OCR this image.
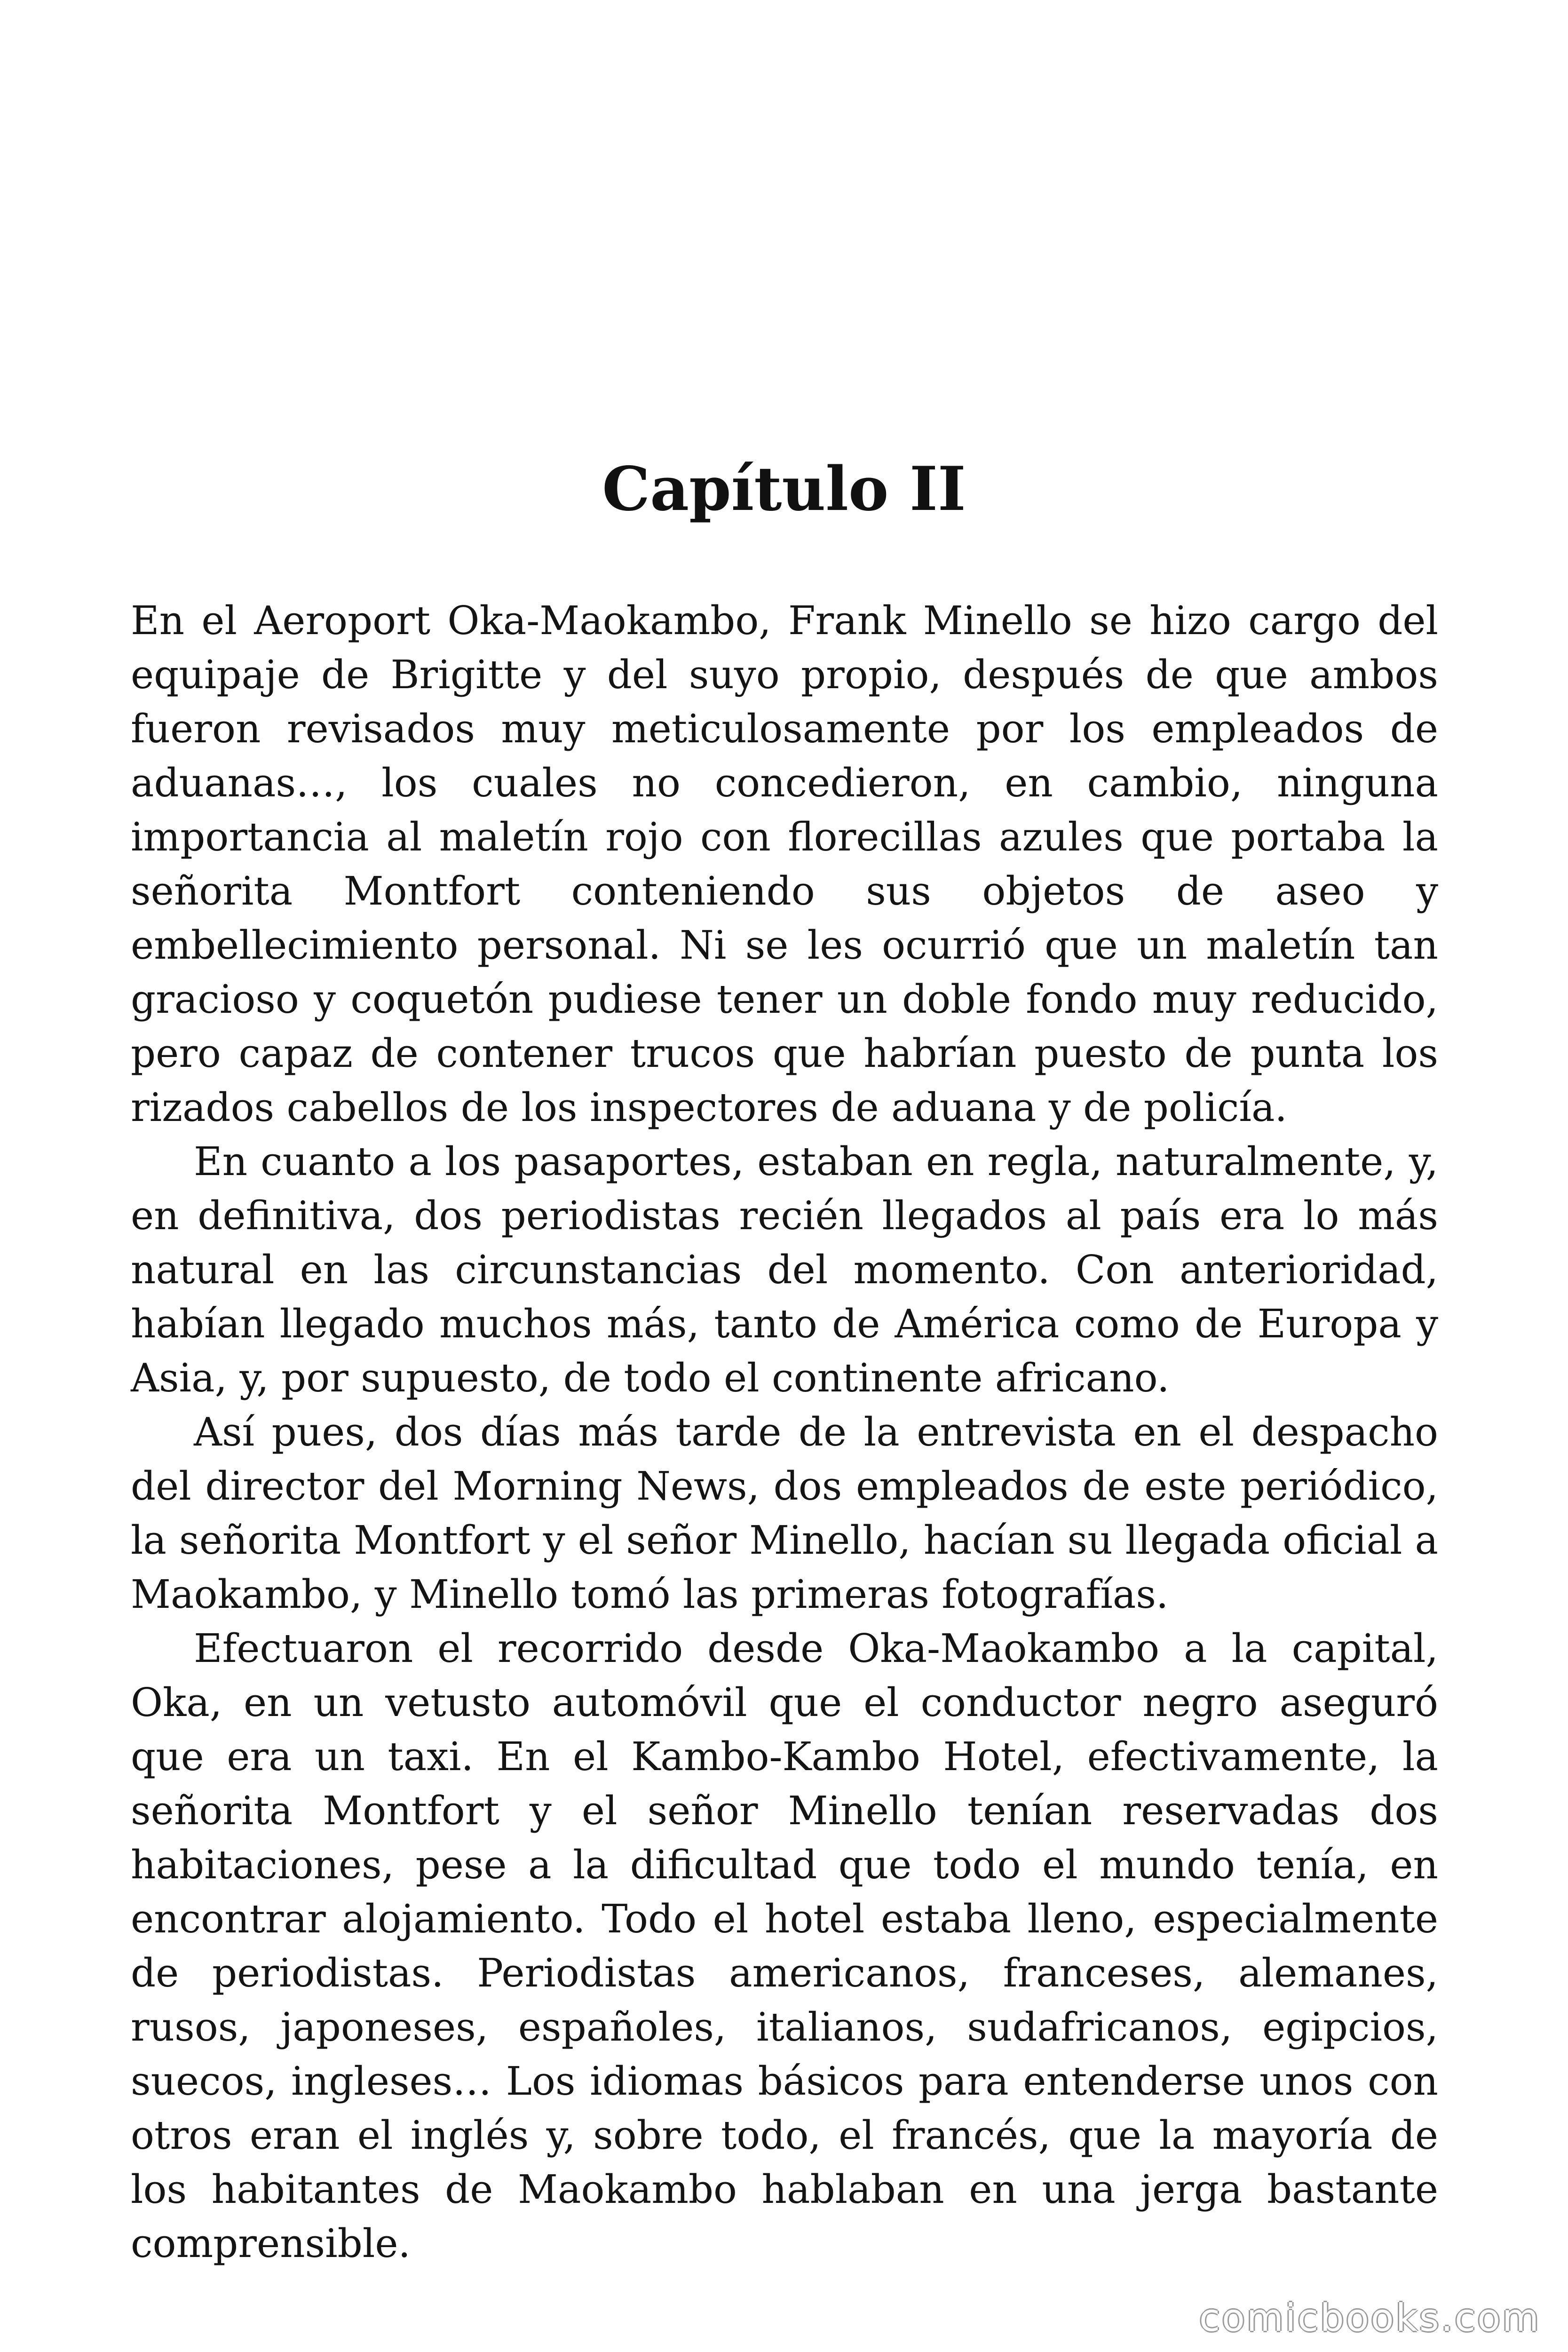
Capítulo II

En el Aeroport Oka-Maokambo, Frank Minello se hizo cargo del equipaje de Brigitte y del suyo propio, después de que ambos fueron revisados muy meticulosamente por los empleados de aduanas…, los cuales no concedieron, en cambio, ninguna importancia al maletín rojo con florecillas azules que portaba la señorita Montfort conteniendo sus objetos de aseo y embellecimiento personal. Ni se les ocurrió que un maletín tan gracioso y coquetón pudiese tener un doble fondo muy reducido, pero capaz de contener trucos que habrían puesto de punta los rizados cabellos de los inspectores de aduana y de policía.

En cuanto a los pasaportes, estaban en regla, naturalmente, y, en definitiva, dos periodistas recién llegados al país era lo más natural en las circunstancias del momento. Con anterioridad, habían llegado muchos más, tanto de América como de Europa y Asia, y, por supuesto, de todo el continente africano.

Así pues, dos días más tarde de la entrevista en el despacho del director del Morning News, dos empleados de este periódico, la señorita Montfort y el señor Minello, hacían su llegada oficial a Maokambo, y Minello tomó las primeras fotografías.

Efectuaron el recorrido desde Oka-Maokambo a la capital, Oka, en un vetusto automóvil que el conductor negro aseguró que era un taxi. En el Kambo-Kambo Hotel, efectivamente, la señorita Montfort y el señor Minello tenían reservadas dos habitaciones, pese a la dificultad que todo el mundo tenía, en encontrar alojamiento. Todo el hotel estaba lleno, especialmente de periodistas. Periodistas americanos, franceses, alemanes, rusos, japoneses, españoles, italianos, sudafricanos, egipcios, suecos, ingleses… Los idiomas básicos para entenderse unos con otros eran el inglés y, sobre todo, el francés, que la mayoría de los habitantes de Maokambo hablaban en una jerga bastante comprensible.

comicbooks.com
